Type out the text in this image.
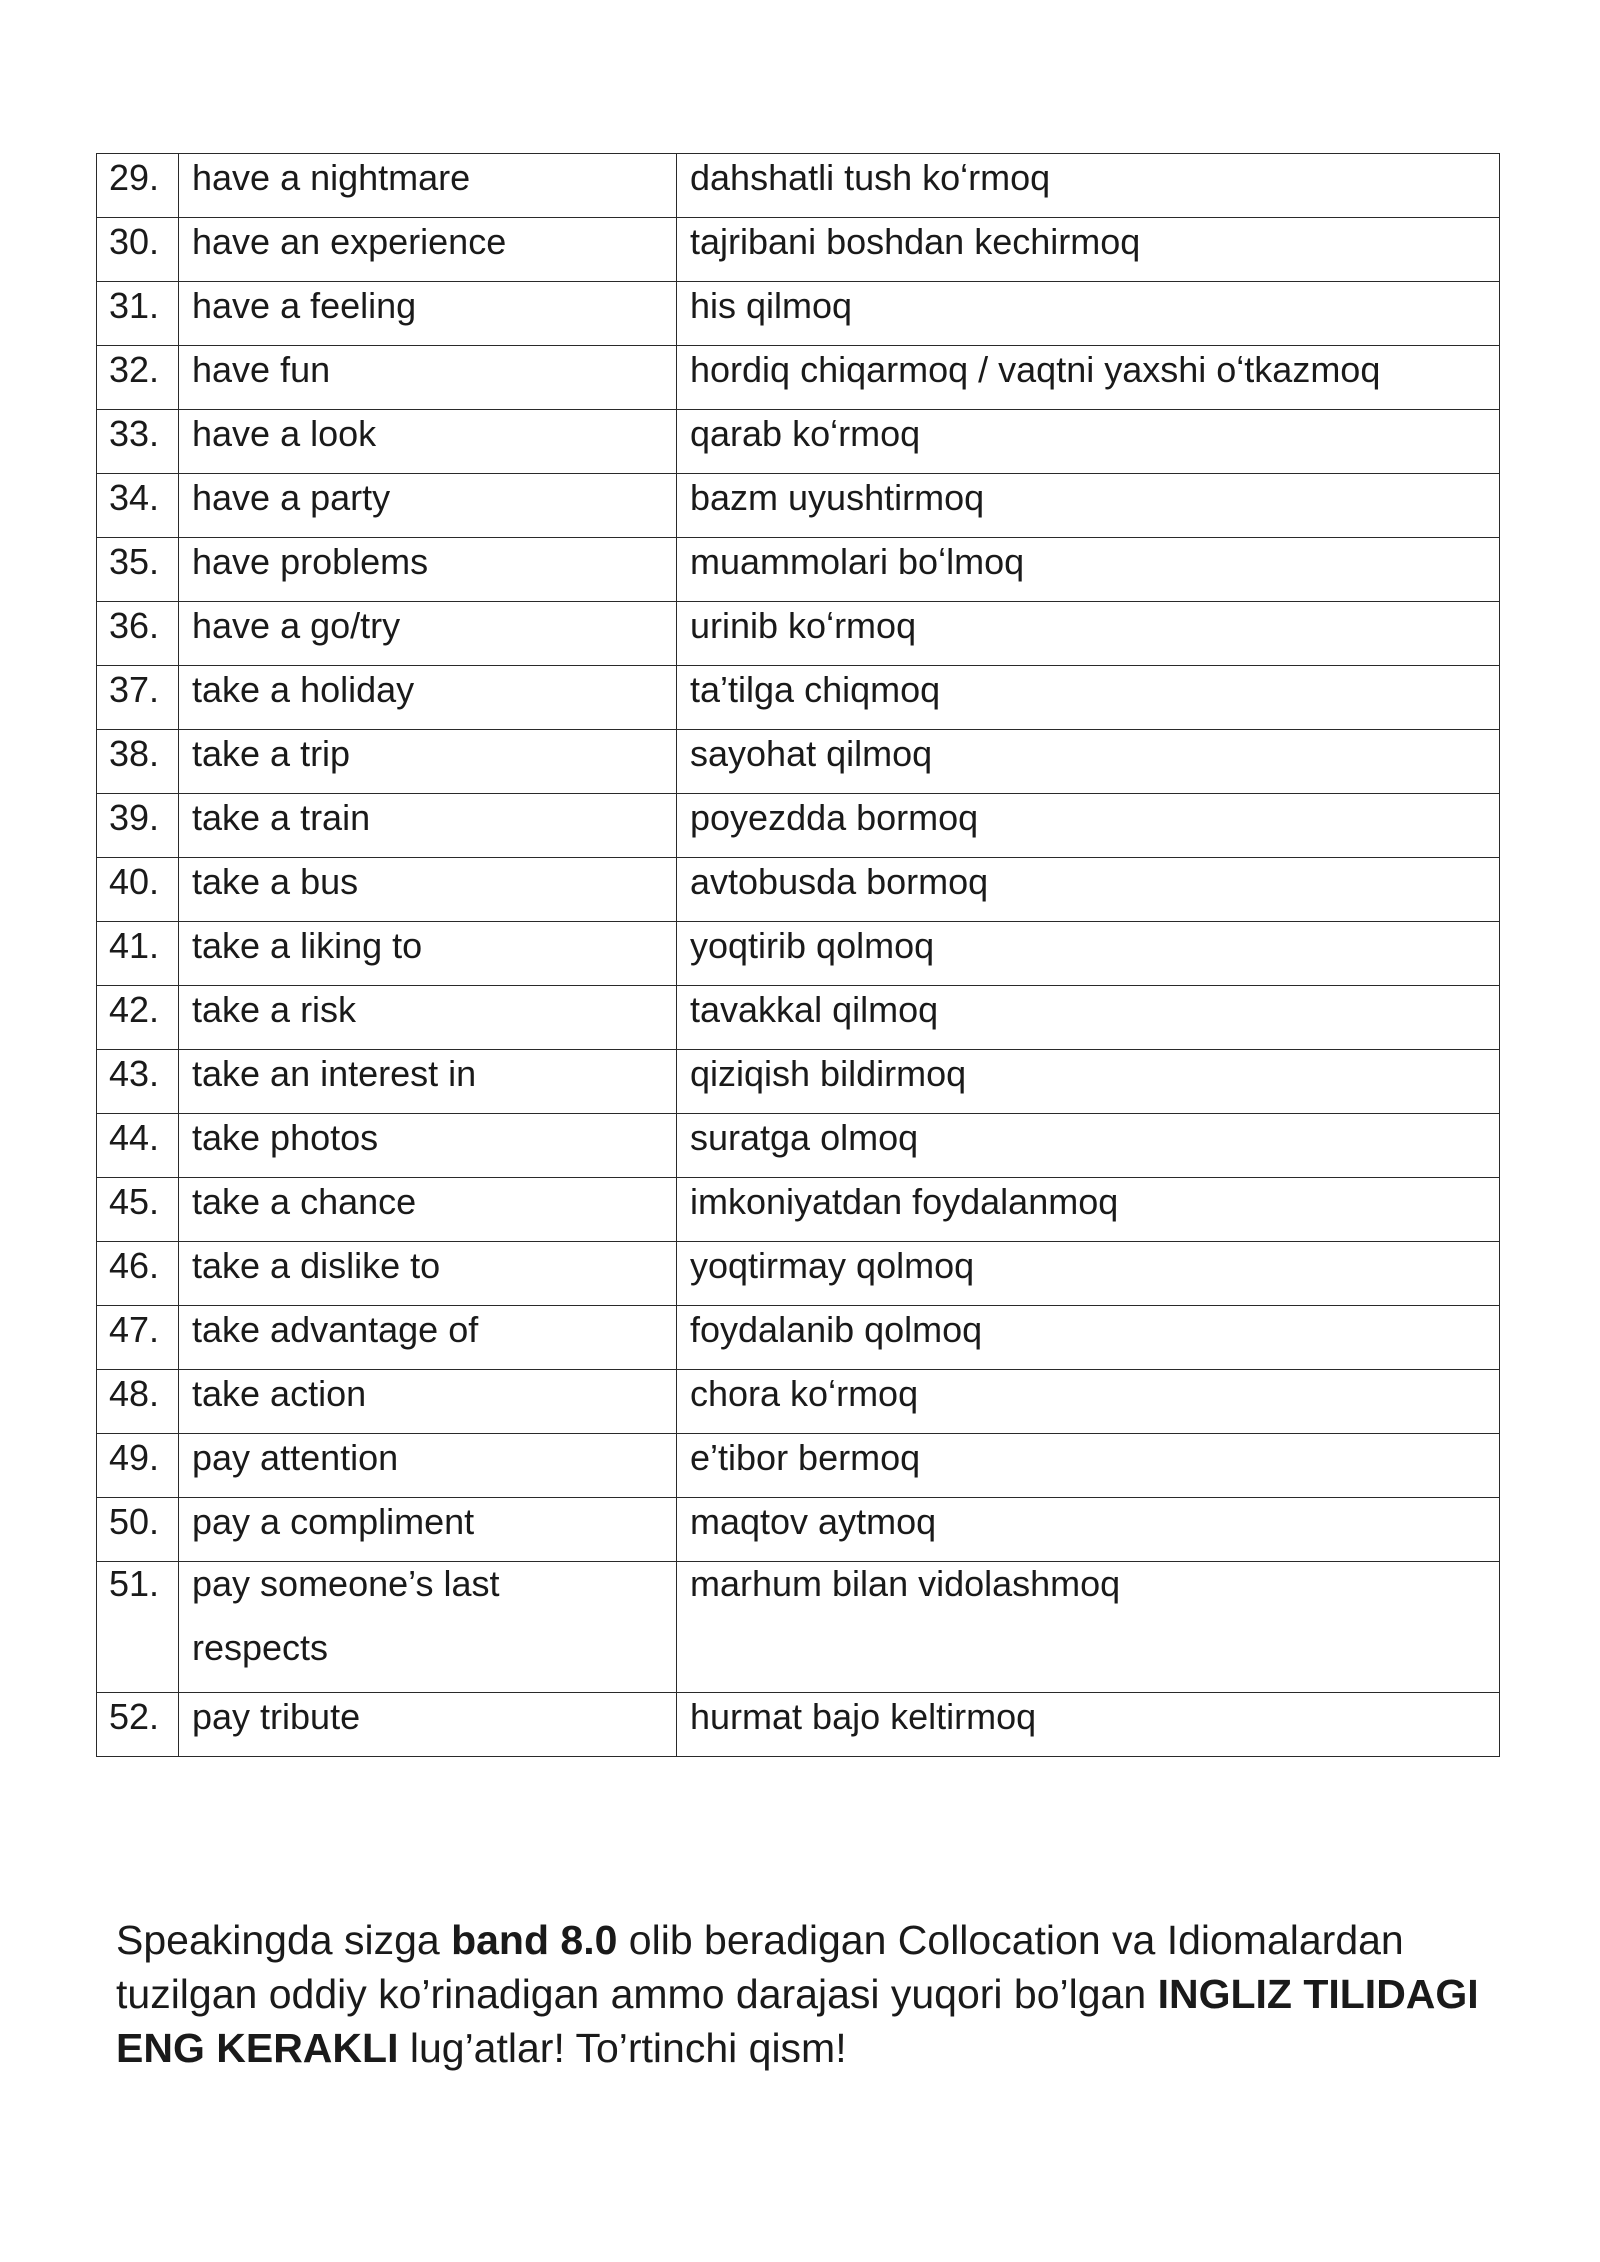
29.	have a nightmare	dahshatli tush koʻrmoq

30.	have an experience	tajribani boshdan kechirmoq

31.	have a feeling	his qilmoq

32.	have fun	hordiq chiqarmoq / vaqtni yaxshi oʻtkazmoq

33.	have a look	qarab koʻrmoq

34.	have a party	bazm uyushtirmoq

35.	have problems	muammolari boʻlmoq

36.	have a go/try	urinib koʻrmoq

37.	take a holiday	ta’tilga chiqmoq

38.	take a trip	sayohat qilmoq

39.	take a train	poyezdda bormoq

40.	take a bus	avtobusda bormoq

41.	take a liking to	yoqtirib qolmoq

42.	take a risk	tavakkal qilmoq

43.	take an interest in	qiziqish bildirmoq

44.	take photos	suratga olmoq

45.	take a chance	imkoniyatdan foydalanmoq

46.	take a dislike to	yoqtirmay qolmoq

47.	take advantage of	foydalanib qolmoq

48.	take action	chora koʻrmoq

49.	pay attention	e’tibor bermoq

50.	pay a compliment	maqtov aytmoq

51.	pay someone’s last
respects	marhum bilan vidolashmoq

52.	pay tribute	hurmat bajo keltirmoq

Speakingda sizga band 8.0 olib beradigan Collocation va Idiomalardan tuzilgan oddiy ko’rinadigan ammo darajasi yuqori bo’lgan INGLIZ TILIDAGI ENG KERAKLI lug’atlar! To’rtinchi qism!
